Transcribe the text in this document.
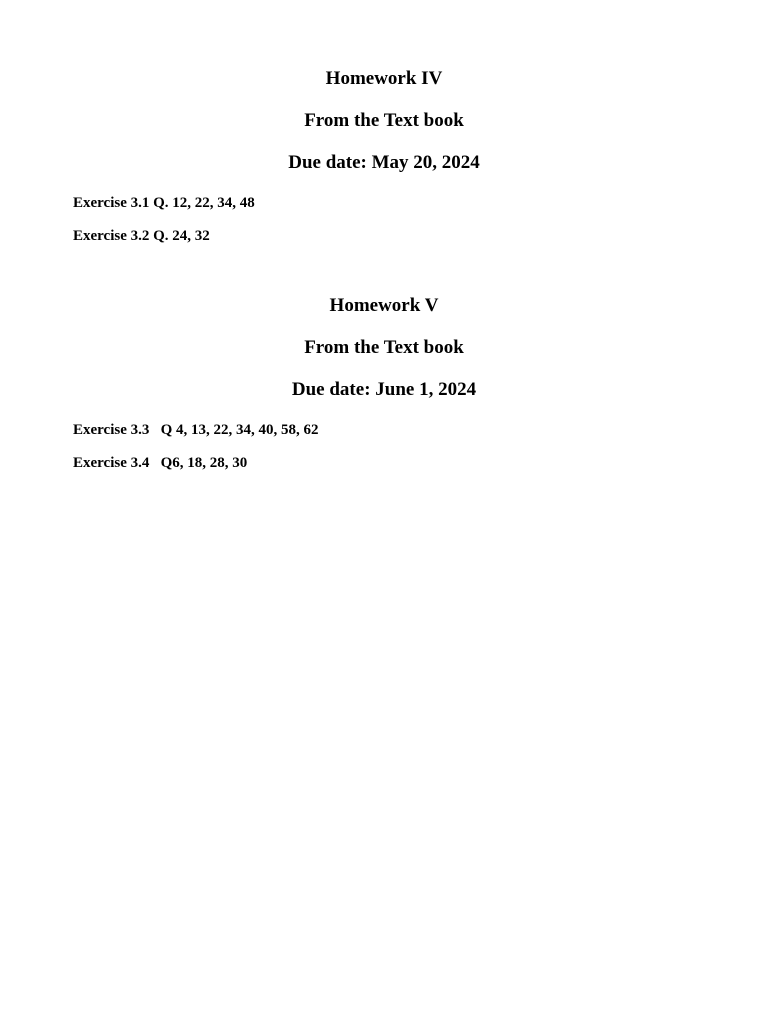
Homework IV
From the Text book
Due date: May 20, 2024

Exercise 3.1 Q. 12, 22, 34, 48

Exercise 3.2 Q. 24, 32

Homework V
From the Text book
Due date: June 1, 2024

Exercise 3.3   Q 4, 13, 22, 34, 40, 58, 62

Exercise 3.4   Q6, 18, 28, 30
